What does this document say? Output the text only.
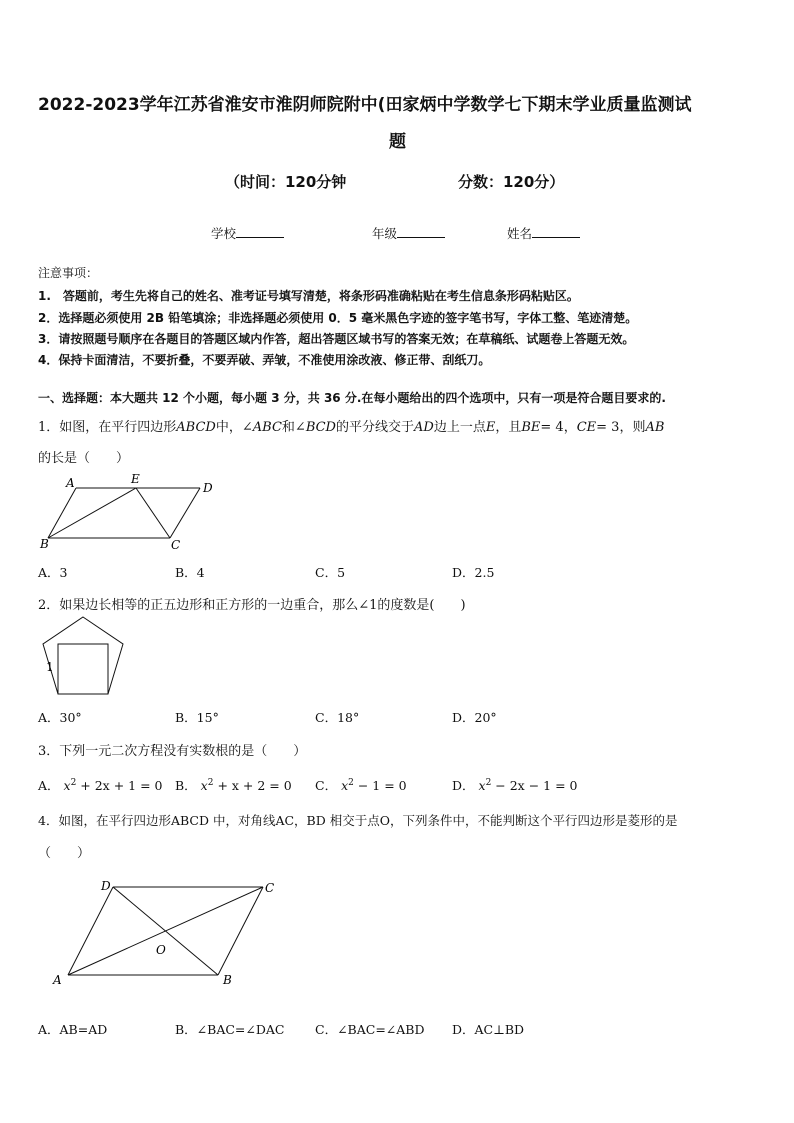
2022-2023学年江苏省淮安市淮阴师院附中(田家炳中学数学七下期末学业质量监测试
题
（时间：120分钟	分数：120分）
学校	年级	姓名
注意事项：
1.　答题前，考生先将自己的姓名、准考证号填写清楚，将条形码准确粘贴在考生信息条形码粘贴区。
2．选择题必须使用 2B 铅笔填涂；非选择题必须使用 0．5 毫米黑色字迹的签字笔书写，字体工整、笔迹清楚。
3．请按照题号顺序在各题目的答题区域内作答，超出答题区域书写的答案无效；在草稿纸、试题卷上答题无效。
4．保持卡面清洁，不要折叠，不要弄破、弄皱，不准使用涂改液、修正带、刮纸刀。
一、选择题：本大题共 12 个小题，每小题 3 分，共 36 分.在每小题给出的四个选项中，只有一项是符合题目要求的.
1．如图，在平行四边形ABCD中，∠ABC和∠BCD的平分线交于AD边上一点E，且BE= 4，CE= 3，则AB
的长是（　　）
A	E
D
B	C
A．3	B．4	C．5	D．2.5
2．如果边长相等的正五边形和正方形的一边重合，那么∠1的度数是(　　)
1
A．30°	B．15°	C．18°	D．20°
3．下列一元二次方程没有实数根的是（　　）
A． $x^2 + 2x + 1 = 0$ B． $x^2 + x + 2 = 0$ C． $x^2 - 1 = 0$	D． $x^2 - 2x - 1 = 0$
4．如图，在平行四边形ABCD 中，对角线AC，BD 相交于点O，下列条件中，不能判断这个平行四边形是菱形的是
（　　）
D	C
O
A	B
A．AB=AD	B．∠BAC=∠DAC C．∠BAC=∠ABD D．AC⊥BD
